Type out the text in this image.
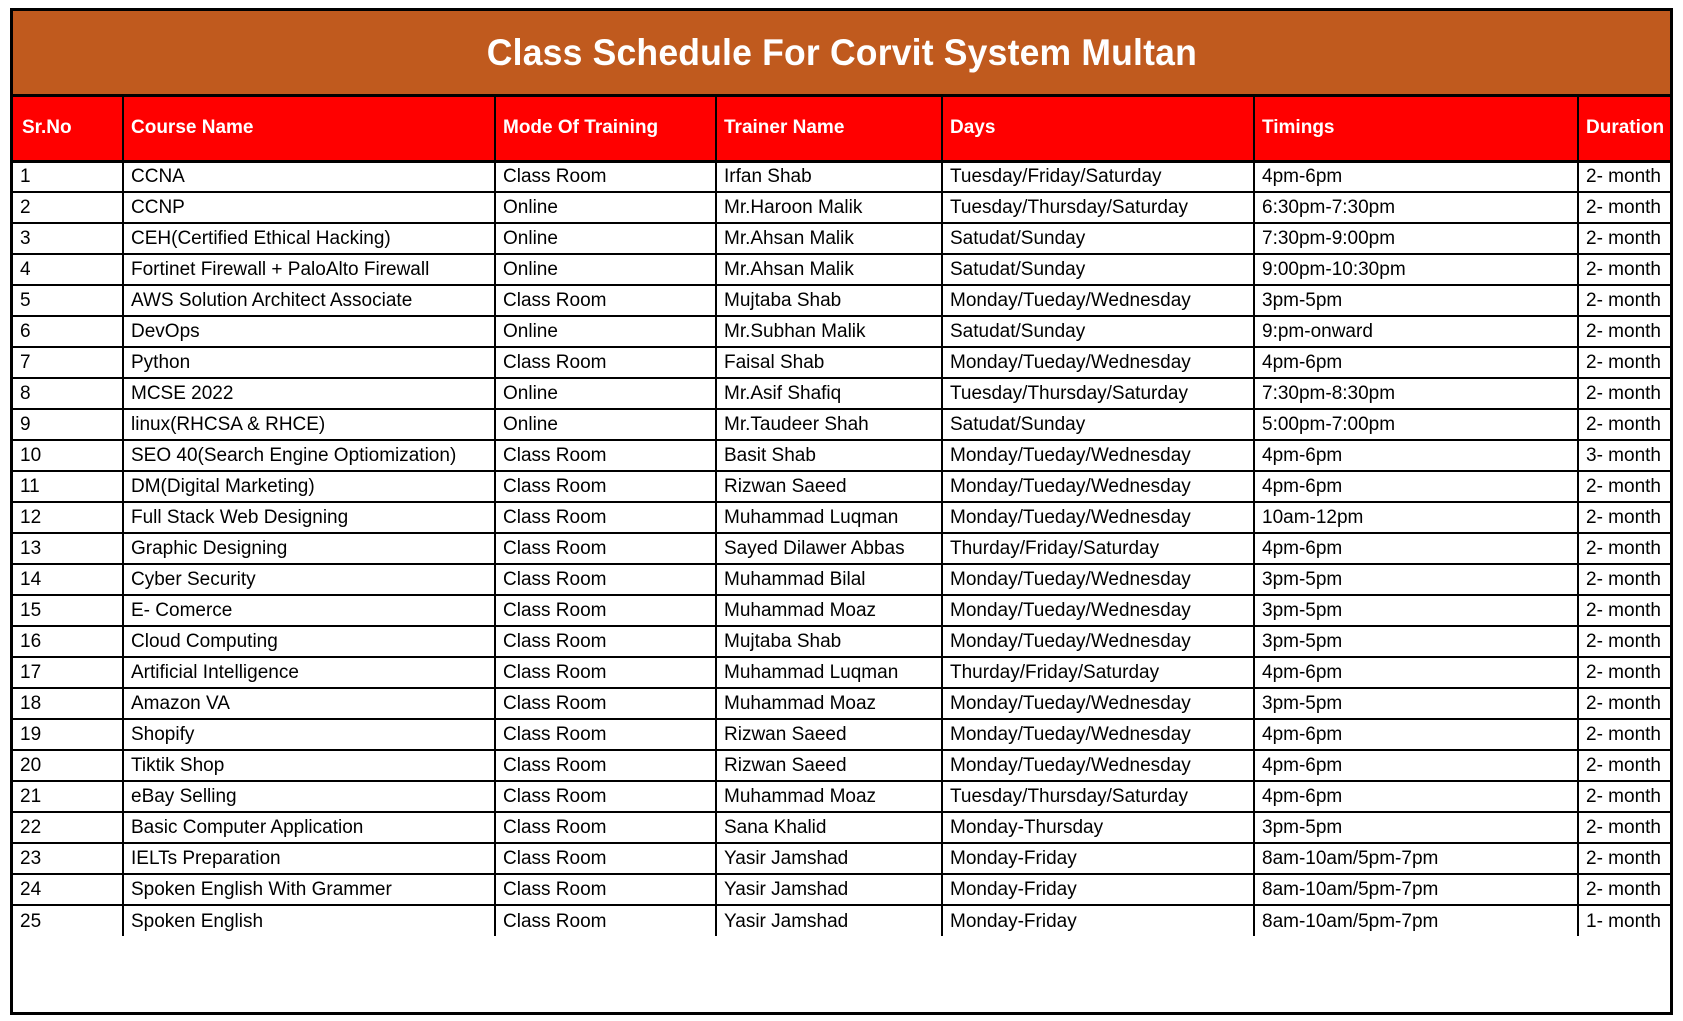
Class Schedule For Corvit System Multan
Sr.No	Course Name	Mode Of Training	Trainer Name	Days	Timings	Duration
1	CCNA	Class Room	Irfan Shab	Tuesday/Friday/Saturday	4pm-6pm	2- month
2	CCNP	Online	Mr.Haroon Malik	Tuesday/Thursday/Saturday	6:30pm-7:30pm	2- month
3	CEH(Certified Ethical Hacking)	Online	Mr.Ahsan Malik	Satudat/Sunday	7:30pm-9:00pm	2- month
4	Fortinet Firewall + PaloAlto Firewall	Online	Mr.Ahsan Malik	Satudat/Sunday	9:00pm-10:30pm	2- month
5	AWS Solution Architect Associate	Class Room	Mujtaba Shab	Monday/Tueday/Wednesday	3pm-5pm	2- month
6	DevOps	Online	Mr.Subhan Malik	Satudat/Sunday	9:pm-onward	2- month
7	Python	Class Room	Faisal Shab	Monday/Tueday/Wednesday	4pm-6pm	2- month
8	MCSE 2022	Online	Mr.Asif Shafiq	Tuesday/Thursday/Saturday	7:30pm-8:30pm	2- month
9	linux(RHCSA & RHCE)	Online	Mr.Taudeer Shah	Satudat/Sunday	5:00pm-7:00pm	2- month
10	SEO 40(Search Engine Optiomization)	Class Room	Basit Shab	Monday/Tueday/Wednesday	4pm-6pm	3- month
11	DM(Digital Marketing)	Class Room	Rizwan Saeed	Monday/Tueday/Wednesday	4pm-6pm	2- month
12	Full Stack Web Designing	Class Room	Muhammad Luqman	Monday/Tueday/Wednesday	10am-12pm	2- month
13	Graphic Designing	Class Room	Sayed Dilawer Abbas	Thurday/Friday/Saturday	4pm-6pm	2- month
14	Cyber Security	Class Room	Muhammad Bilal	Monday/Tueday/Wednesday	3pm-5pm	2- month
15	E- Comerce	Class Room	Muhammad Moaz	Monday/Tueday/Wednesday	3pm-5pm	2- month
16	Cloud Computing	Class Room	Mujtaba Shab	Monday/Tueday/Wednesday	3pm-5pm	2- month
17	Artificial Intelligence	Class Room	Muhammad Luqman	Thurday/Friday/Saturday	4pm-6pm	2- month
18	Amazon VA	Class Room	Muhammad Moaz	Monday/Tueday/Wednesday	3pm-5pm	2- month
19	Shopify	Class Room	Rizwan Saeed	Monday/Tueday/Wednesday	4pm-6pm	2- month
20	Tiktik Shop	Class Room	Rizwan Saeed	Monday/Tueday/Wednesday	4pm-6pm	2- month
21	eBay Selling	Class Room	Muhammad Moaz	Tuesday/Thursday/Saturday	4pm-6pm	2- month
22	Basic Computer Application	Class Room	Sana Khalid	Monday-Thursday	3pm-5pm	2- month
23	IELTs Preparation	Class Room	Yasir Jamshad	Monday-Friday	8am-10am/5pm-7pm	2- month
24	Spoken English With Grammer	Class Room	Yasir Jamshad	Monday-Friday	8am-10am/5pm-7pm	2- month
25	Spoken English	Class Room	Yasir Jamshad	Monday-Friday	8am-10am/5pm-7pm	1- month
